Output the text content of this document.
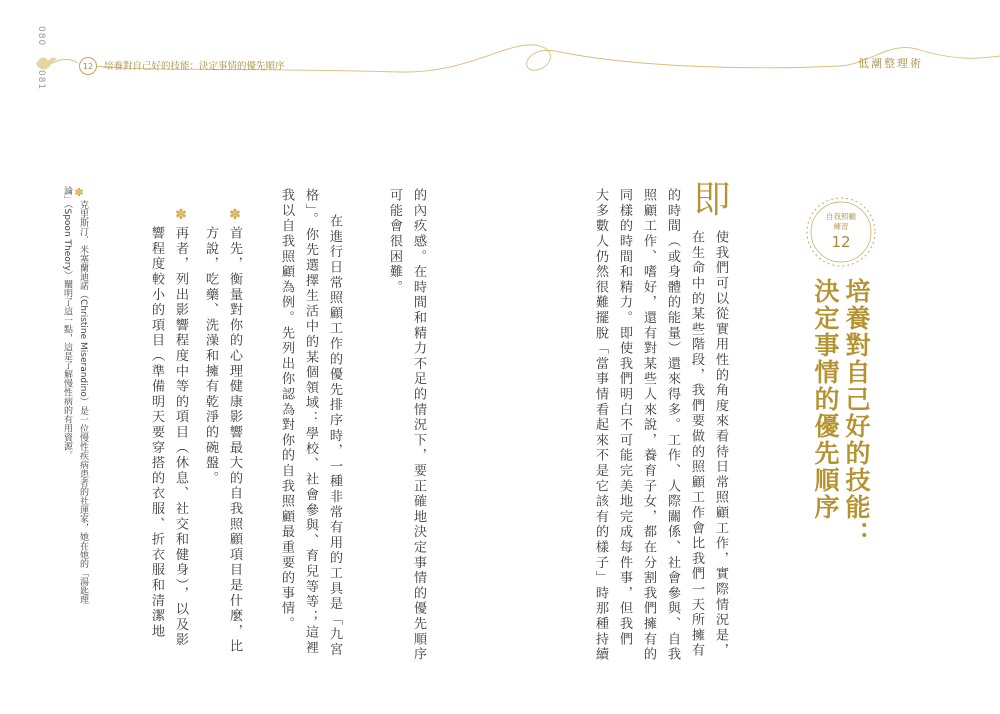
080
081
12	培養對自己好的技能：決定事情的優先順序	低潮整理術
自我照顧
練習
12
培養對自己好的技能：
決定事情的優先順序
即
使我們可以從實用性的角度來看待日常照顧工作，實際情況是，
在生命中的某些階段，我們要做的照顧工作會比我們一天所擁有
的時間（或身體的能量）還來得多。工作、人際關係、社會參與、自我
照顧工作、嗜好，還有對某些人來說，養育子女，都在分割我們擁有的
同樣的時間和精力。即使我們明白不可能完美地完成每件事，但我們
大多數人仍然很難擺脫「當事情看起來不是它該有的樣子」時那種持續
的內疚感。在時間和精力不足的情況下，要正確地決定事情的優先順序
可能會很困難。
在進行日常照顧工作的優先排序時，一種非常有用的工具是「九宮
格」。你先選擇生活中的某個領域：學校、社會參與、育兒等等；這裡
我以自我照顧為例。先列出你認為對你的自我照顧最重要的事情。
✽
首先，衡量對你的心理健康影響最大的自我照顧項目是什麼，比
方說，吃藥、洗澡和擁有乾淨的碗盤。
✽
再者，列出影響程度中等的項目（休息、社交和健身），以及影
響程度較小的項目（準備明天要穿搭的衣服、折衣服和清潔地
✽
克里斯汀．米塞蘭迪諾（Christine Miserandino）是一位慢性疾病患者的社運家，她在她的「湯匙理
論」（Spoon Theory）闡明了這一點，這是了解慢性病的有用資源。
